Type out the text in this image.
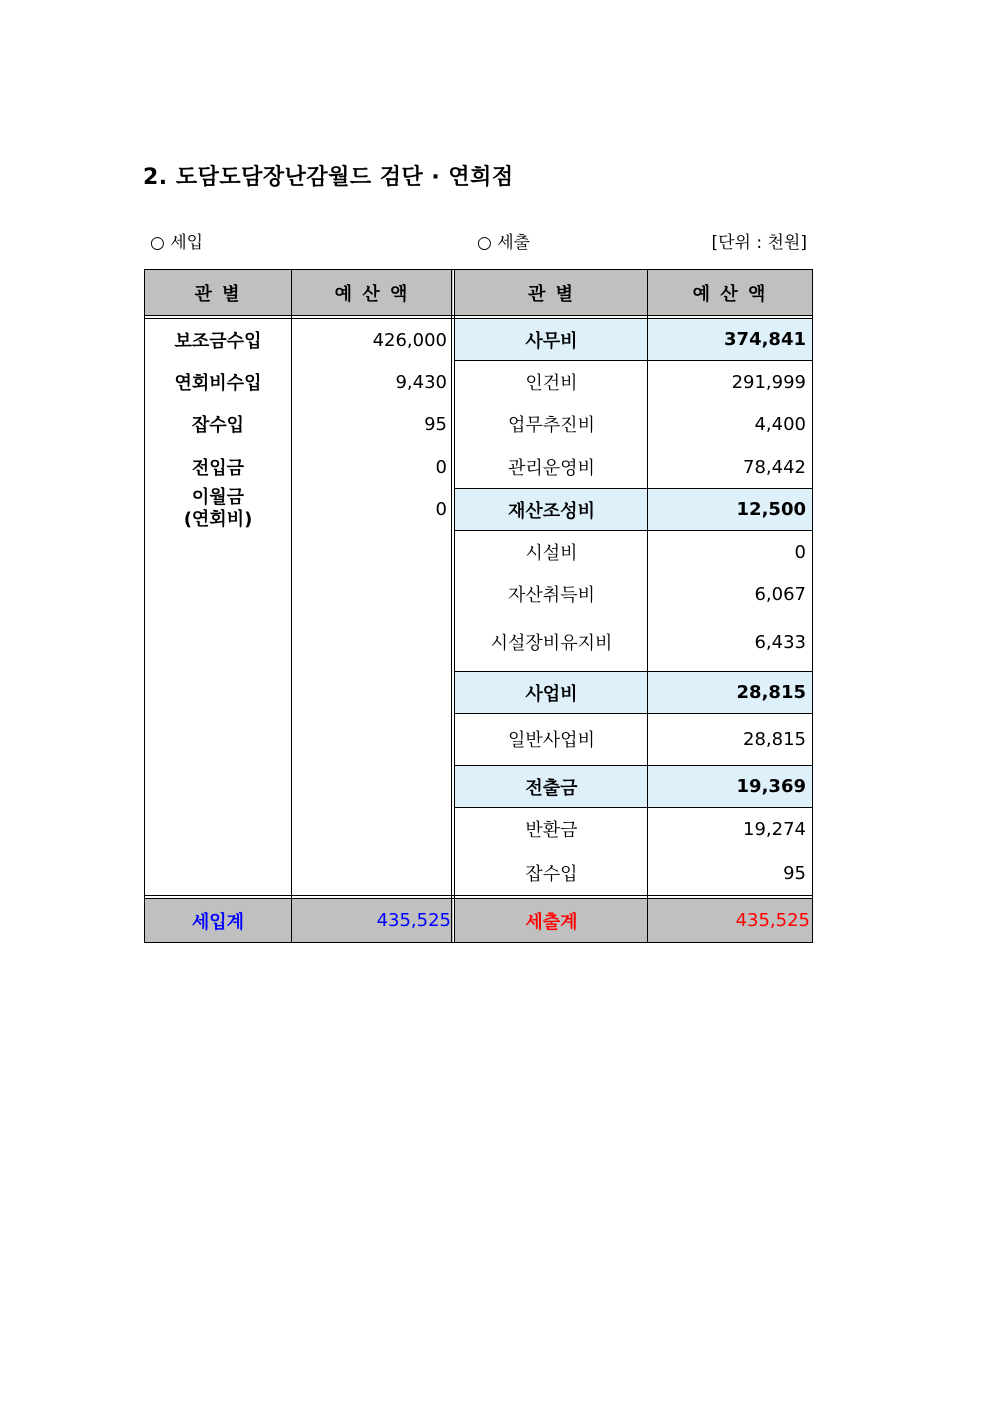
2. 도담도담장난감월드 검단 · 연희점
○ 세입	○ 세출	[단위 : 천원]
관 별	예 산 액	관 별	예 산 액
보조금수입	426,000
연회비수입	9,430
잡수입	95
전입금	0
이월금
(연회비)	0
사무비	374,841
인건비	291,999
업무추진비	4,400
관리운영비	78,442
재산조성비	12,500
시설비	0
자산취득비	6,067
시설장비유지비	6,433
사업비	28,815
일반사업비	28,815
전출금	19,369
반환금	19,274
잡수입	95
세입계	435,525	세출계	435,525
